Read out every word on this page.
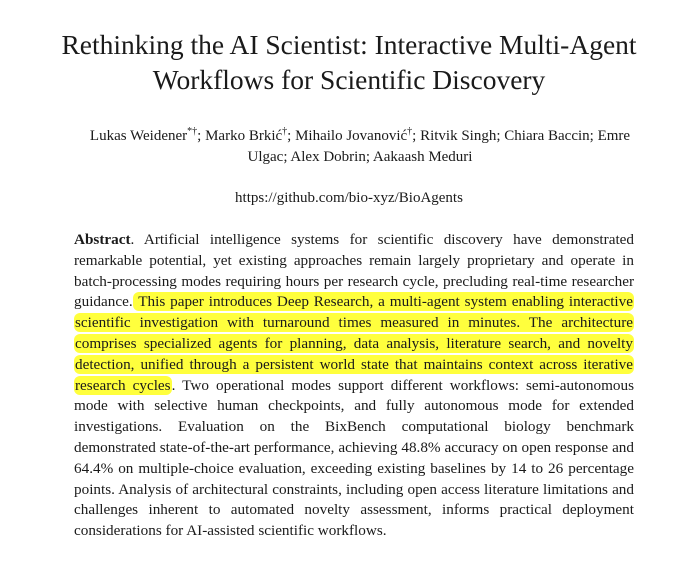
Rethinking the AI Scientist: Interactive Multi-Agent
Workflows for Scientific Discovery
Lukas Weidener*†; Marko Brkić†; Mihailo Jovanović†; Ritvik Singh; Chiara Baccin; Emre
Ulgac; Alex Dobrin; Aakaash Meduri
https://github.com/bio-xyz/BioAgents

Abstract. Artificial intelligence systems for scientific discovery have demonstrated remarkable potential, yet existing approaches remain largely proprietary and operate in batch-processing modes requiring hours per research cycle, precluding real-time researcher guidance. This paper introduces Deep Research, a multi-agent system enabling interactive scientific investigation with turnaround times measured in minutes. The architecture comprises specialized agents for planning, data analysis, literature search, and novelty detection, unified through a persistent world state that maintains context across iterative research cycles. Two operational modes support different workflows: semi-autonomous mode with selective human checkpoints, and fully autonomous mode for extended investigations. Evaluation on the BixBench computational biology benchmark demonstrated state-of-the-art performance, achieving 48.8% accuracy on open response and 64.4% on multiple-choice evaluation, exceeding existing baselines by 14 to 26 percentage points. Analysis of architectural constraints, including open access literature limitations and challenges inherent to automated novelty assessment, informs practical deployment considerations for AI-assisted scientific workflows.
